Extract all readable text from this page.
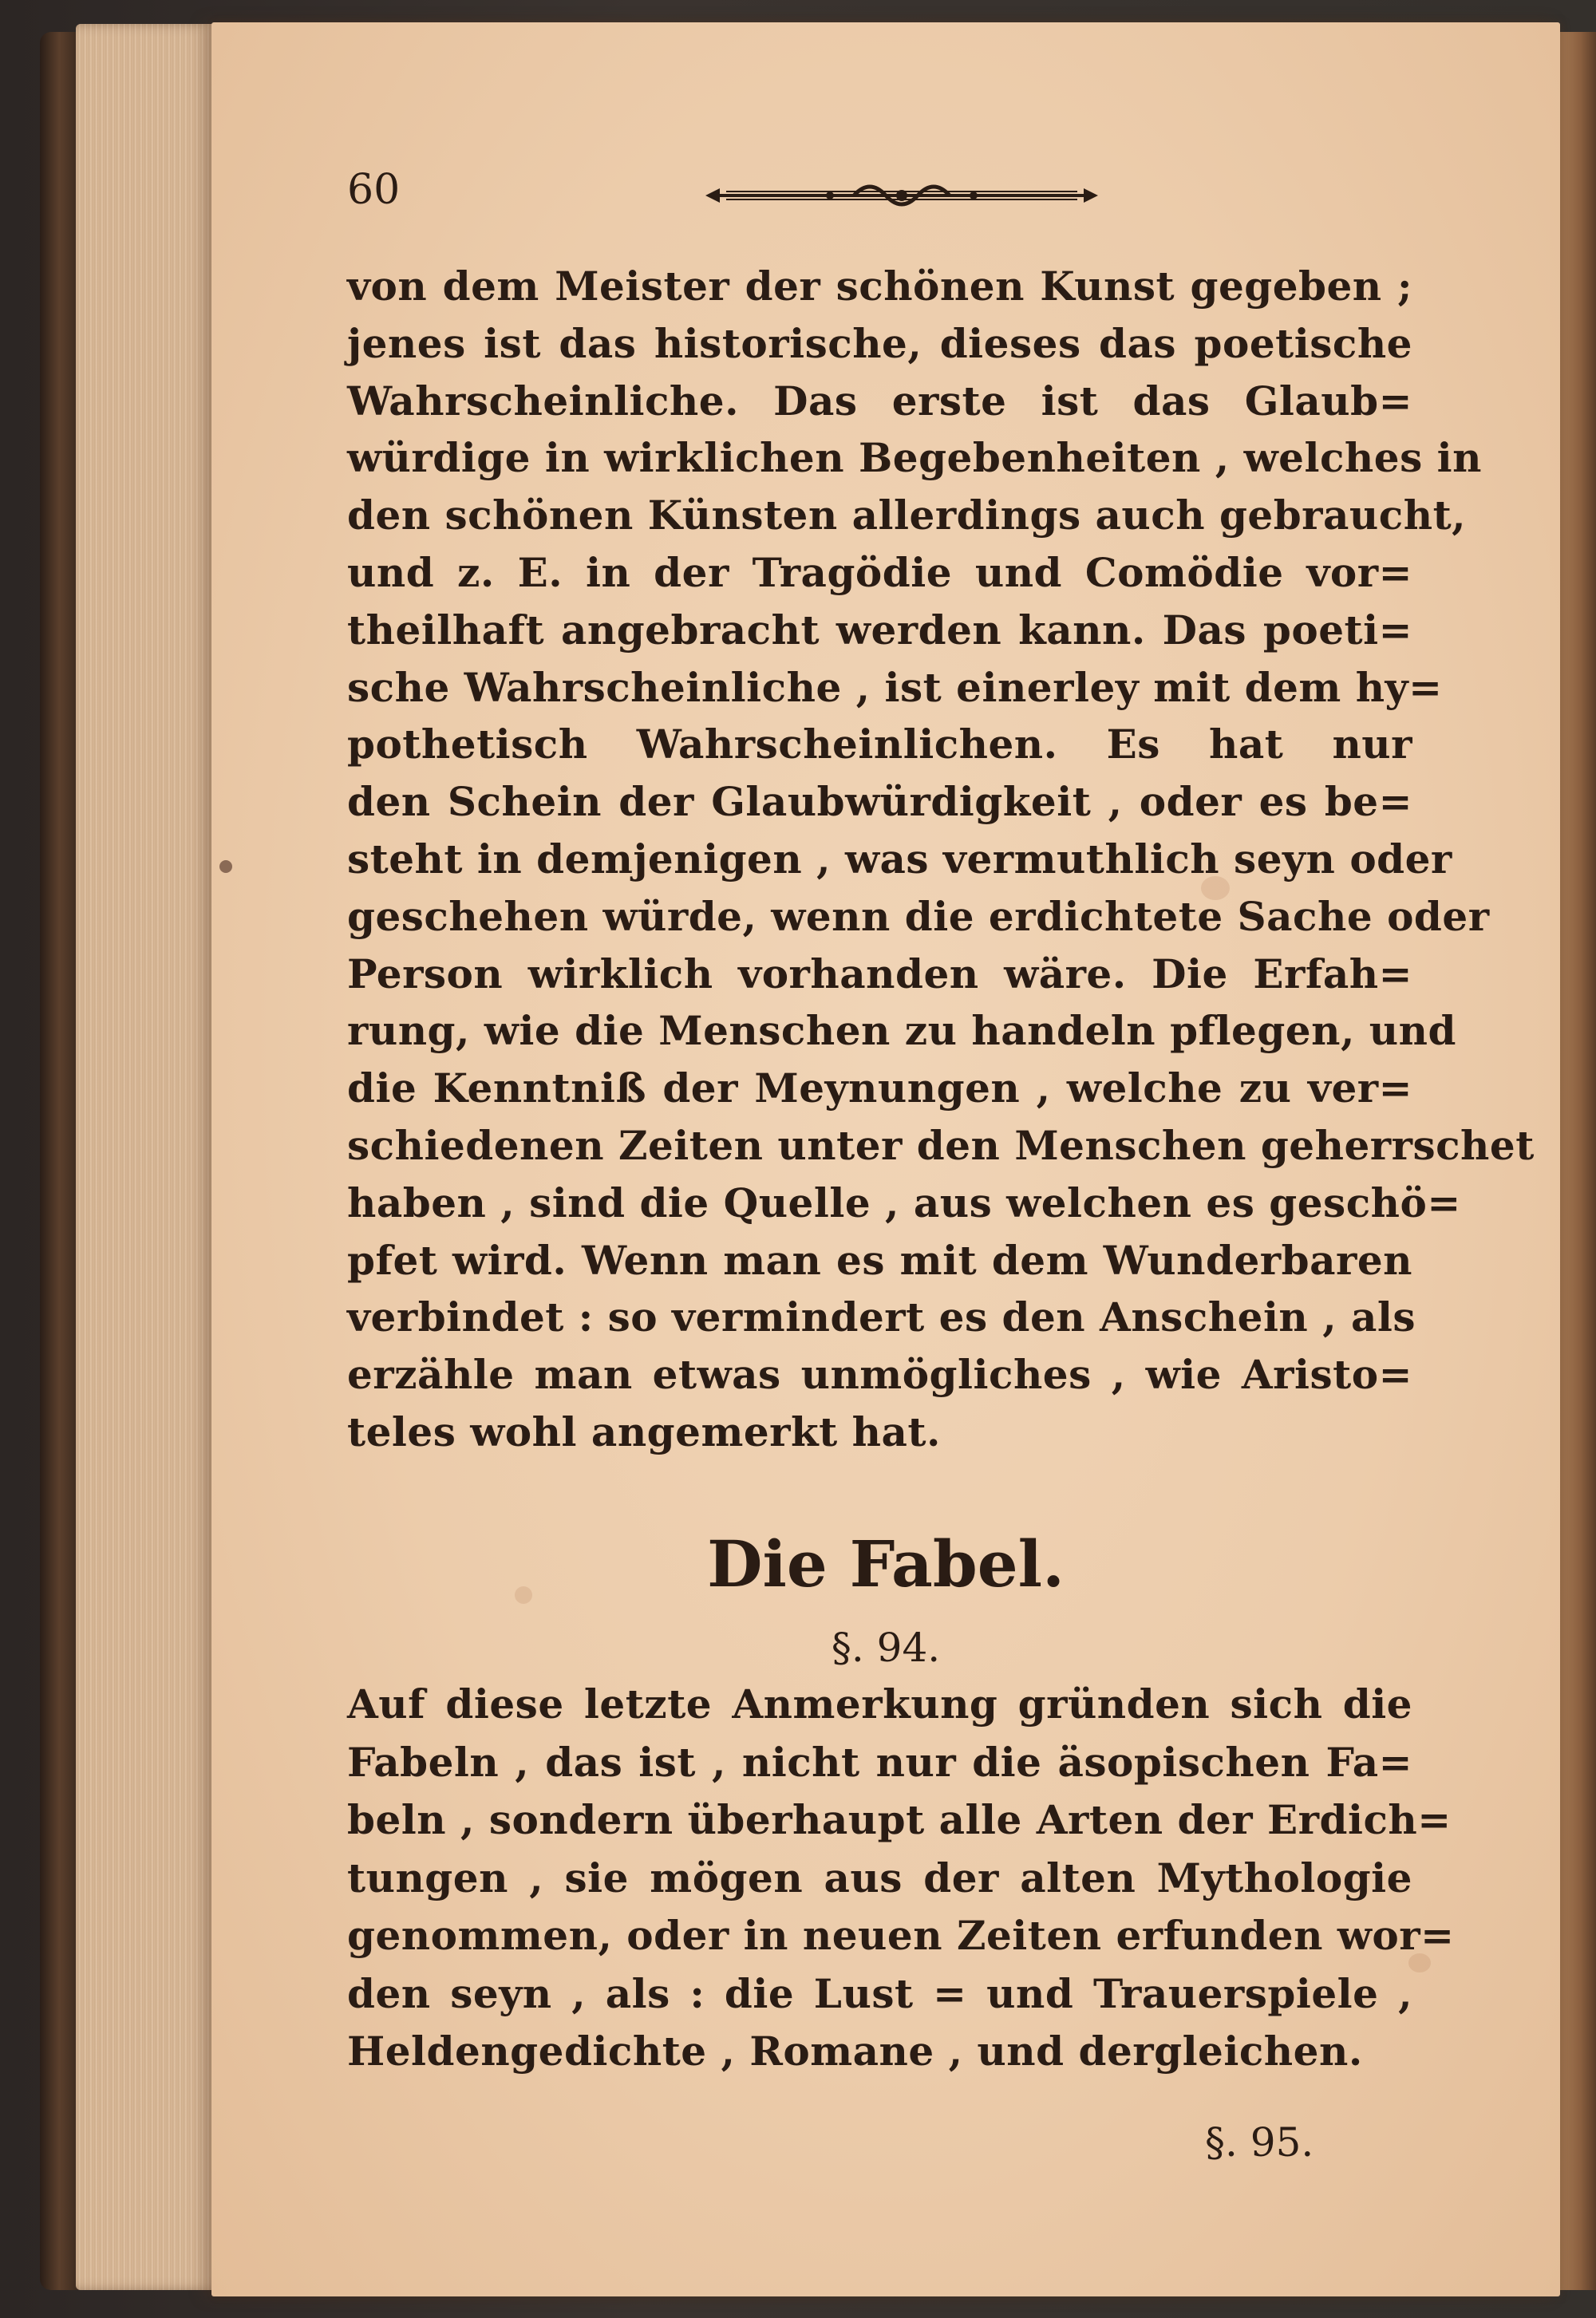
60
von dem Meister der schönen Kunst gegeben ;
jenes ist das historische, dieses das poetische
Wahrscheinliche. Das erste ist das Glaub=
würdige in wirklichen Begebenheiten , welches in
den schönen Künsten allerdings auch gebraucht,
und z. E. in der Tragödie und Comödie vor=
theilhaft angebracht werden kann. Das poeti=
sche Wahrscheinliche , ist einerley mit dem hy=
pothetisch Wahrscheinlichen. Es hat nur
den Schein der Glaubwürdigkeit , oder es be=
steht in demjenigen , was vermuthlich seyn oder
geschehen würde, wenn die erdichtete Sache oder
Person wirklich vorhanden wäre. Die Erfah=
rung, wie die Menschen zu handeln pflegen, und
die Kenntniß der Meynungen , welche zu ver=
schiedenen Zeiten unter den Menschen geherrschet
haben , sind die Quelle , aus welchen es geschö=
pfet wird. Wenn man es mit dem Wunderbaren
verbindet : so vermindert es den Anschein , als
erzähle man etwas unmögliches , wie Aristo=
teles wohl angemerkt hat.
Die Fabel.
§. 94.
Auf diese letzte Anmerkung gründen sich die
Fabeln , das ist , nicht nur die äsopischen Fa=
beln , sondern überhaupt alle Arten der Erdich=
tungen , sie mögen aus der alten Mythologie
genommen, oder in neuen Zeiten erfunden wor=
den seyn , als : die Lust = und Trauerspiele ,
Heldengedichte , Romane , und dergleichen.
§. 95.
